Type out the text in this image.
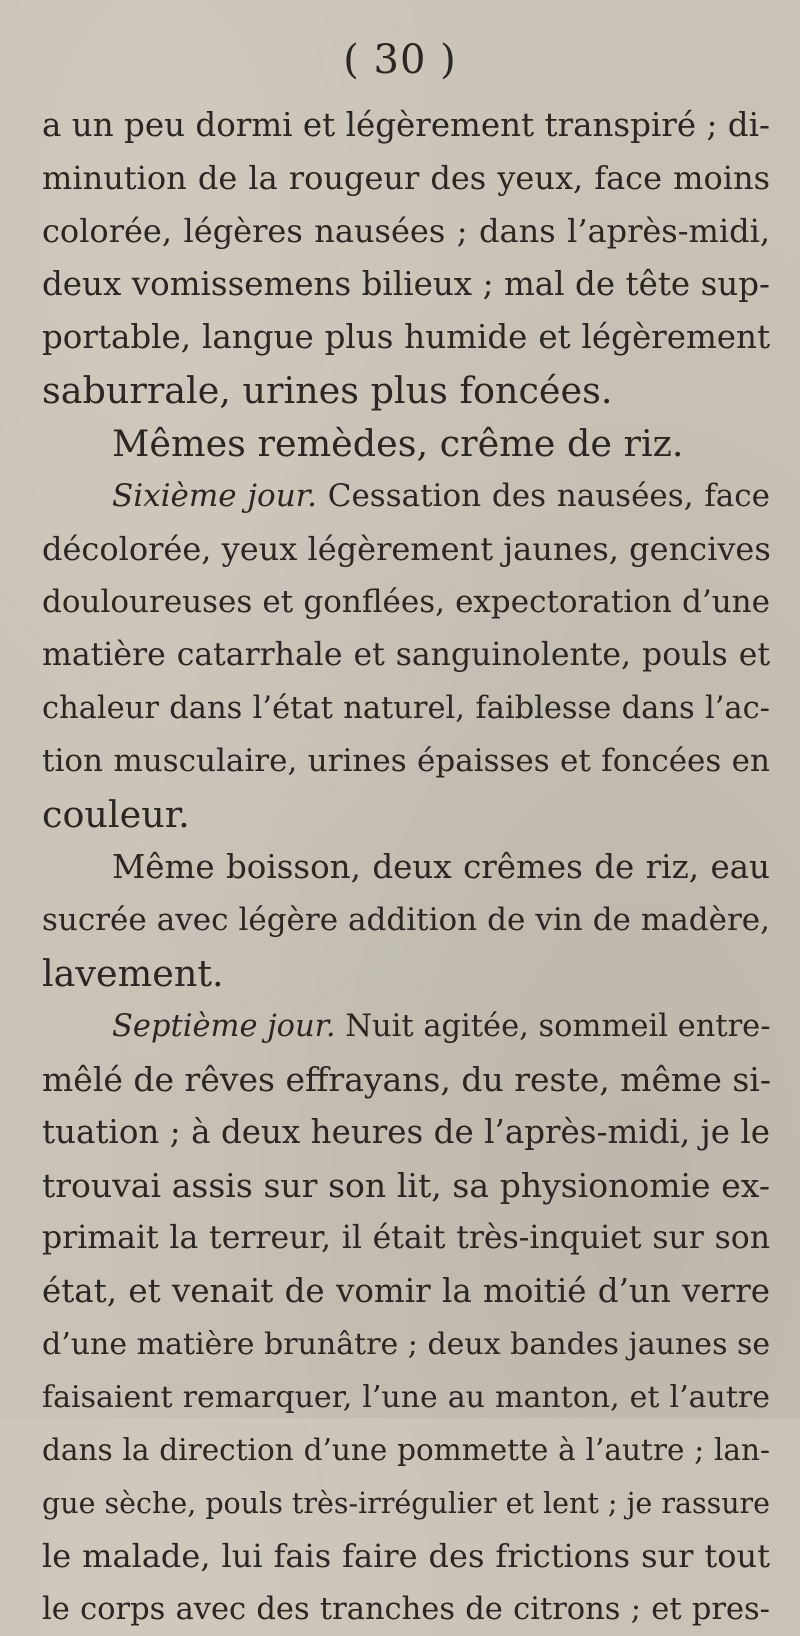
( 30 )
a un peu dormi et légèrement transpiré ; di-
minution de la rougeur des yeux, face moins
colorée, légères nausées ; dans l’après-midi,
deux vomissemens bilieux ; mal de tête sup-
portable, langue plus humide et légèrement
saburrale, urines plus foncées.
Mêmes remèdes, crême de riz.
Sixième jour. Cessation des nausées, face
décolorée, yeux légèrement jaunes, gencives
douloureuses et gonflées, expectoration d’une
matière catarrhale et sanguinolente, pouls et
chaleur dans l’état naturel, faiblesse dans l’ac-
tion musculaire, urines épaisses et foncées en
couleur.
Même boisson, deux crêmes de riz, eau
sucrée avec légère addition de vin de madère,
lavement.
Septième jour. Nuit agitée, sommeil entre-
mêlé de rêves effrayans, du reste, même si-
tuation ; à deux heures de l’après-midi, je le
trouvai assis sur son lit, sa physionomie ex-
primait la terreur, il était très-inquiet sur son
état, et venait de vomir la moitié d’un verre
d’une matière brunâtre ; deux bandes jaunes se
faisaient remarquer, l’une au manton, et l’autre
dans la direction d’une pommette à l’autre ; lan-
gue sèche, pouls très-irrégulier et lent ; je rassure
le malade, lui fais faire des frictions sur tout
le corps avec des tranches de citrons ; et pres-
